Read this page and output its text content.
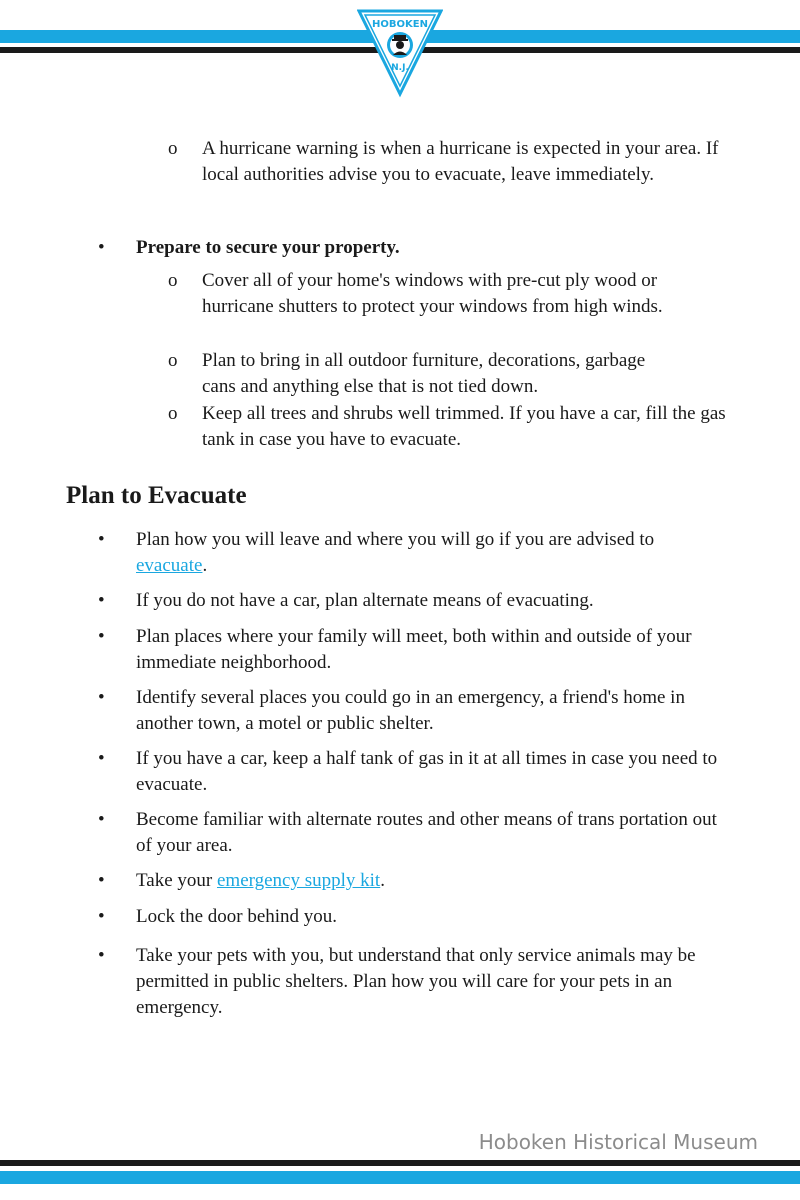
HOBOKEN
N.J.
o A hurricane warning is when a hurricane is expected in your area. If local authorities advise you to evacuate, leave immediately.
• Prepare to secure your property.
o Cover all of your home's windows with pre-cut ply wood or hurricane shutters to protect your windows from high winds.
o Plan to bring in all outdoor furniture, decorations, garbage cans and anything else that is not tied down.
o Keep all trees and shrubs well trimmed. If you have a car, fill the gas tank in case you have to evacuate.
Plan to Evacuate
• Plan how you will leave and where you will go if you are advised to evacuate.
• If you do not have a car, plan alternate means of evacuating.
• Plan places where your family will meet, both within and outside of your immediate neighborhood.
• Identify several places you could go in an emergency, a friend's home in another town, a motel or public shelter.
• If you have a car, keep a half tank of gas in it at all times in case you need to evacuate.
• Become familiar with alternate routes and other means of trans portation out of your area.
• Take your emergency supply kit.
• Lock the door behind you.
• Take your pets with you, but understand that only service animals may be permitted in public shelters. Plan how you will care for your pets in an emergency.
Hoboken Historical Museum
